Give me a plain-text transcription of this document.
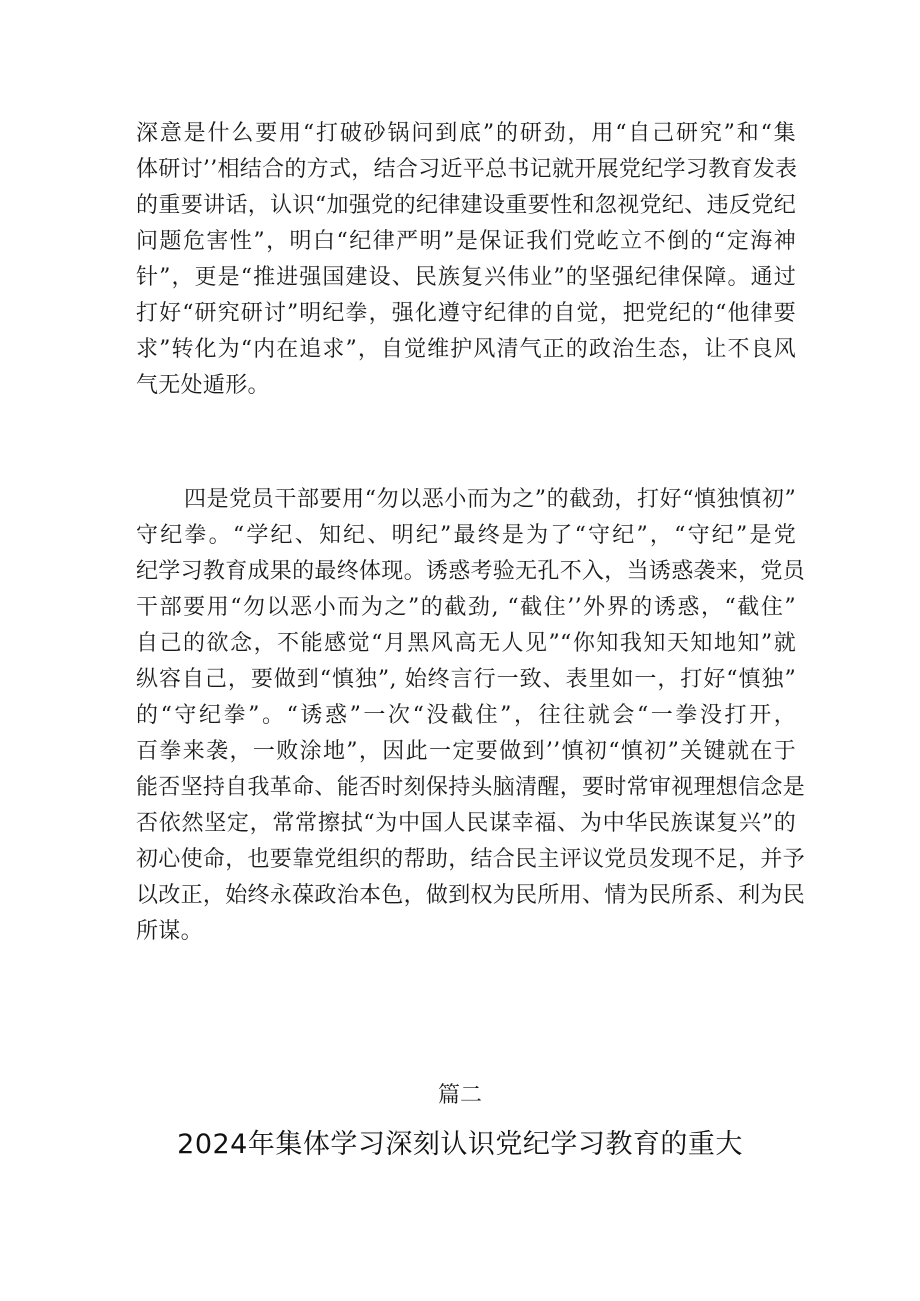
深意是什么要用“打破砂锅问到底”的研劲，用“自己研究”和“集
体研讨’’相结合的方式，结合习近平总书记就开展党纪学习教育发表
的重要讲话，认识“加强党的纪律建设重要性和忽视党纪、违反党纪
问题危害性”，明白“纪律严明”是保证我们党屹立不倒的“定海神
针”，更是“推进强国建设、民族复兴伟业”的坚强纪律保障。通过
打好“研究研讨”明纪拳，强化遵守纪律的自觉，把党纪的“他律要
求”转化为“内在追求”，自觉维护风清气正的政治生态，让不良风
气无处遁形。
四是党员干部要用“勿以恶小而为之”的截劲，打好“慎独慎初”
守纪拳。“学纪、知纪、明纪”最终是为了“守纪”，“守纪”是党
纪学习教育成果的最终体现。诱惑考验无孔不入，当诱惑袭来，党员
干部要用“勿以恶小而为之”的截劲, “截住’’外界的诱惑，“截住”
自己的欲念，不能感觉“月黑风高无人见”“你知我知天知地知”就
纵容自己，要做到“慎独”, 始终言行一致、表里如一，打好“慎独”
的“守纪拳”。“诱惑”一次“没截住”，往往就会“一拳没打开，
百拳来袭，一败涂地”，因此一定要做到’’慎初“慎初”关键就在于
能否坚持自我革命、能否时刻保持头脑清醒，要时常审视理想信念是
否依然坚定，常常擦拭“为中国人民谋幸福、为中华民族谋复兴”的
初心使命，也要靠党组织的帮助，结合民主评议党员发现不足，并予
以改正，始终永葆政治本色，做到权为民所用、情为民所系、利为民
所谋。
篇二
2024年集体学习深刻认识党纪学习教育的重大
